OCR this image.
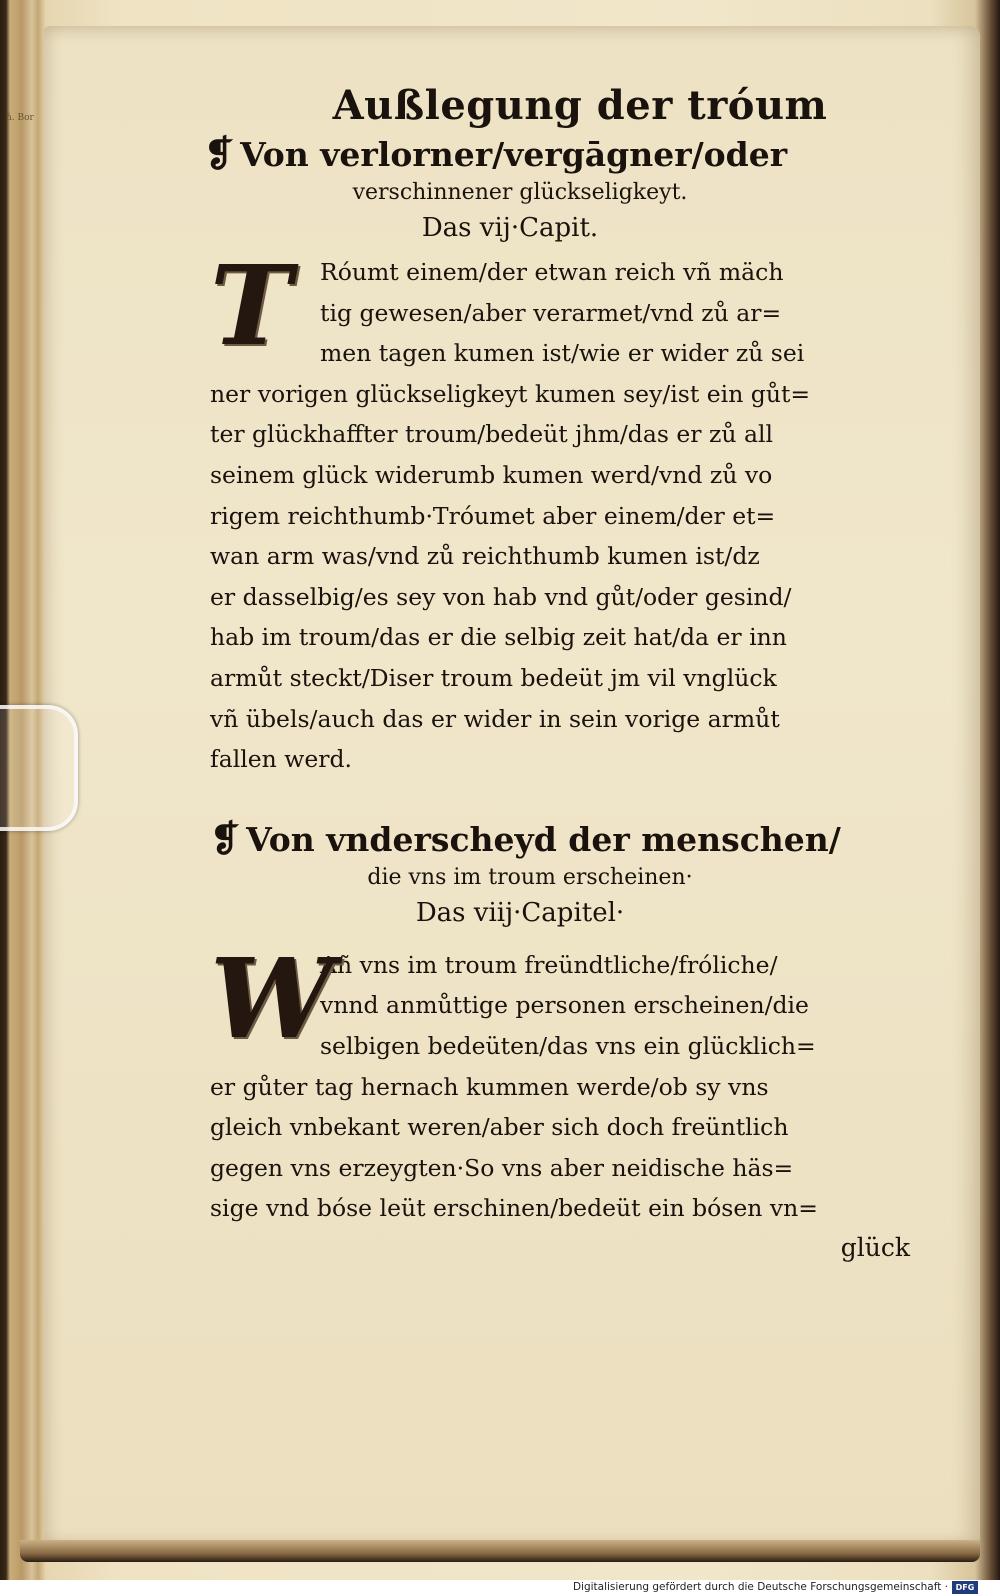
ń. Bor	Außlegung der tróum
❡ Von verlorner/vergāgner/oder
verschinnener glückseligkeyt.
Das vij·Capit.
T	Róumt einem/der etwan reich vñ mäch
tig gewesen/aber verarmet/vnd zů ar=
men tagen kumen ist/wie er wider zů sei
ner vorigen glückseligkeyt kumen sey/ist ein gůt=
ter glückhaffter troum/bedeüt jhm/das er zů all
seinem glück widerumb kumen werd/vnd zů vo
rigem reichthumb·Tróumet aber einem/der et=
wan arm was/vnd zů reichthumb kumen ist/dz
er dasselbig/es sey von hab vnd gůt/oder gesind/
hab im troum/das er die selbig zeit hat/da er inn
armůt steckt/Diser troum bedeüt jm vil vnglück
vñ übels/auch das er wider in sein vorige armůt
fallen werd.
❡ Von vnderscheyd der menschen/
die vns im troum erscheinen·
Das viij·Capitel·
W
Añ vns im troum freündtliche/fróliche/
vnnd anmůttige personen erscheinen/die
selbigen bedeüten/das vns ein glücklich=
er gůter tag hernach kummen werde/ob sy vns
gleich vnbekant weren/aber sich doch freüntlich
gegen vns erzeygten·So vns aber neidische häs=
sige vnd bóse leüt erschinen/bedeüt ein bósen vn=
glück
Digitalisierung gefördert durch die Deutsche Forschungsgemeinschaft · DFG
